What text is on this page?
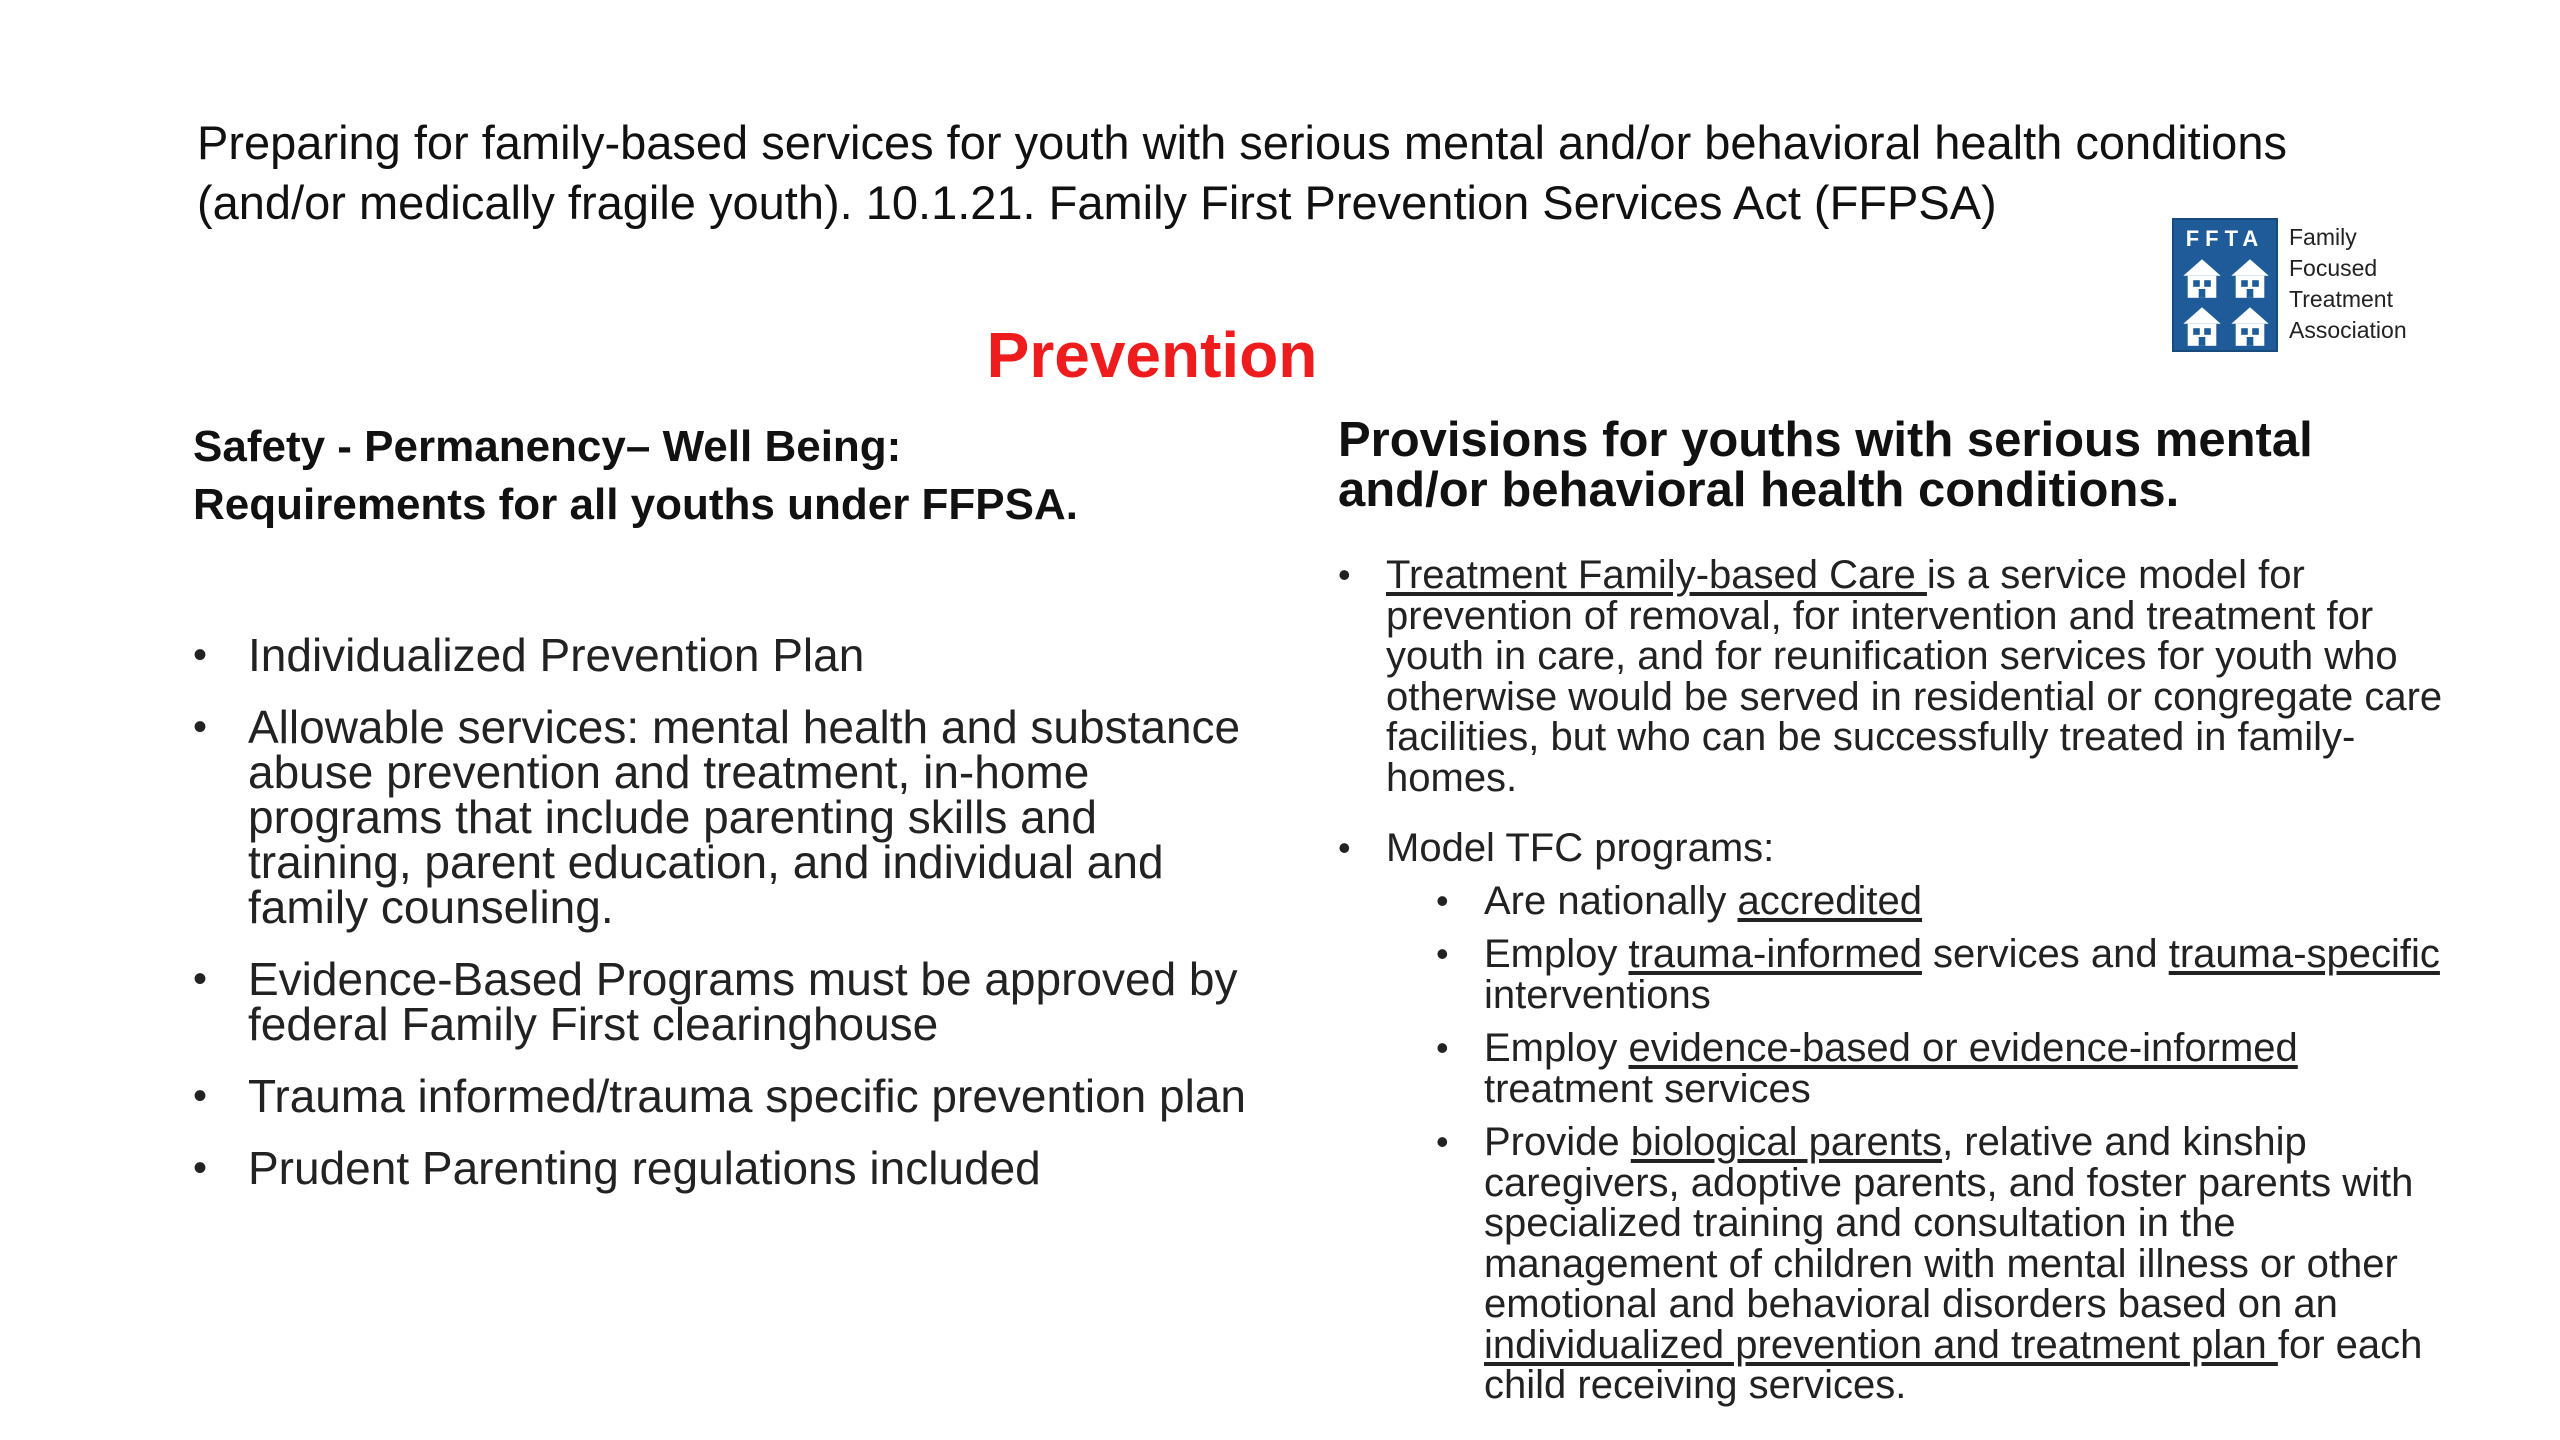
Preparing for family-based services for youth with serious mental and/or behavioral health conditions (and/or medically fragile youth). 10.1.21. Family First Prevention Services Act (FFPSA)
Prevention
FFTA	Family
Focused
Treatment
Association

Safety - Permanency– Well Being:
Requirements for all youths under FFPSA.

• Individualized Prevention Plan
• Allowable services: mental health and substance abuse prevention and treatment, in-home programs that include parenting skills and training, parent education, and individual and family counseling.
• Evidence-Based Programs must be approved by federal Family First clearinghouse
• Trauma informed/trauma specific prevention plan
• Prudent Parenting regulations included

Provisions for youths with serious mental
and/or behavioral health conditions.

• Treatment Family-based Care is a service model for prevention of removal, for intervention and treatment for youth in care, and for reunification services for youth who otherwise would be served in residential or congregate care facilities, but who can be successfully treated in family-homes.
• Model TFC programs:
• Are nationally accredited
• Employ trauma-informed services and trauma-specific interventions
• Employ evidence-based or evidence-informed treatment services
• Provide biological parents, relative and kinship caregivers, adoptive parents, and foster parents with specialized training and consultation in the management of children with mental illness or other emotional and behavioral disorders based on an individualized prevention and treatment plan for each child receiving services.
